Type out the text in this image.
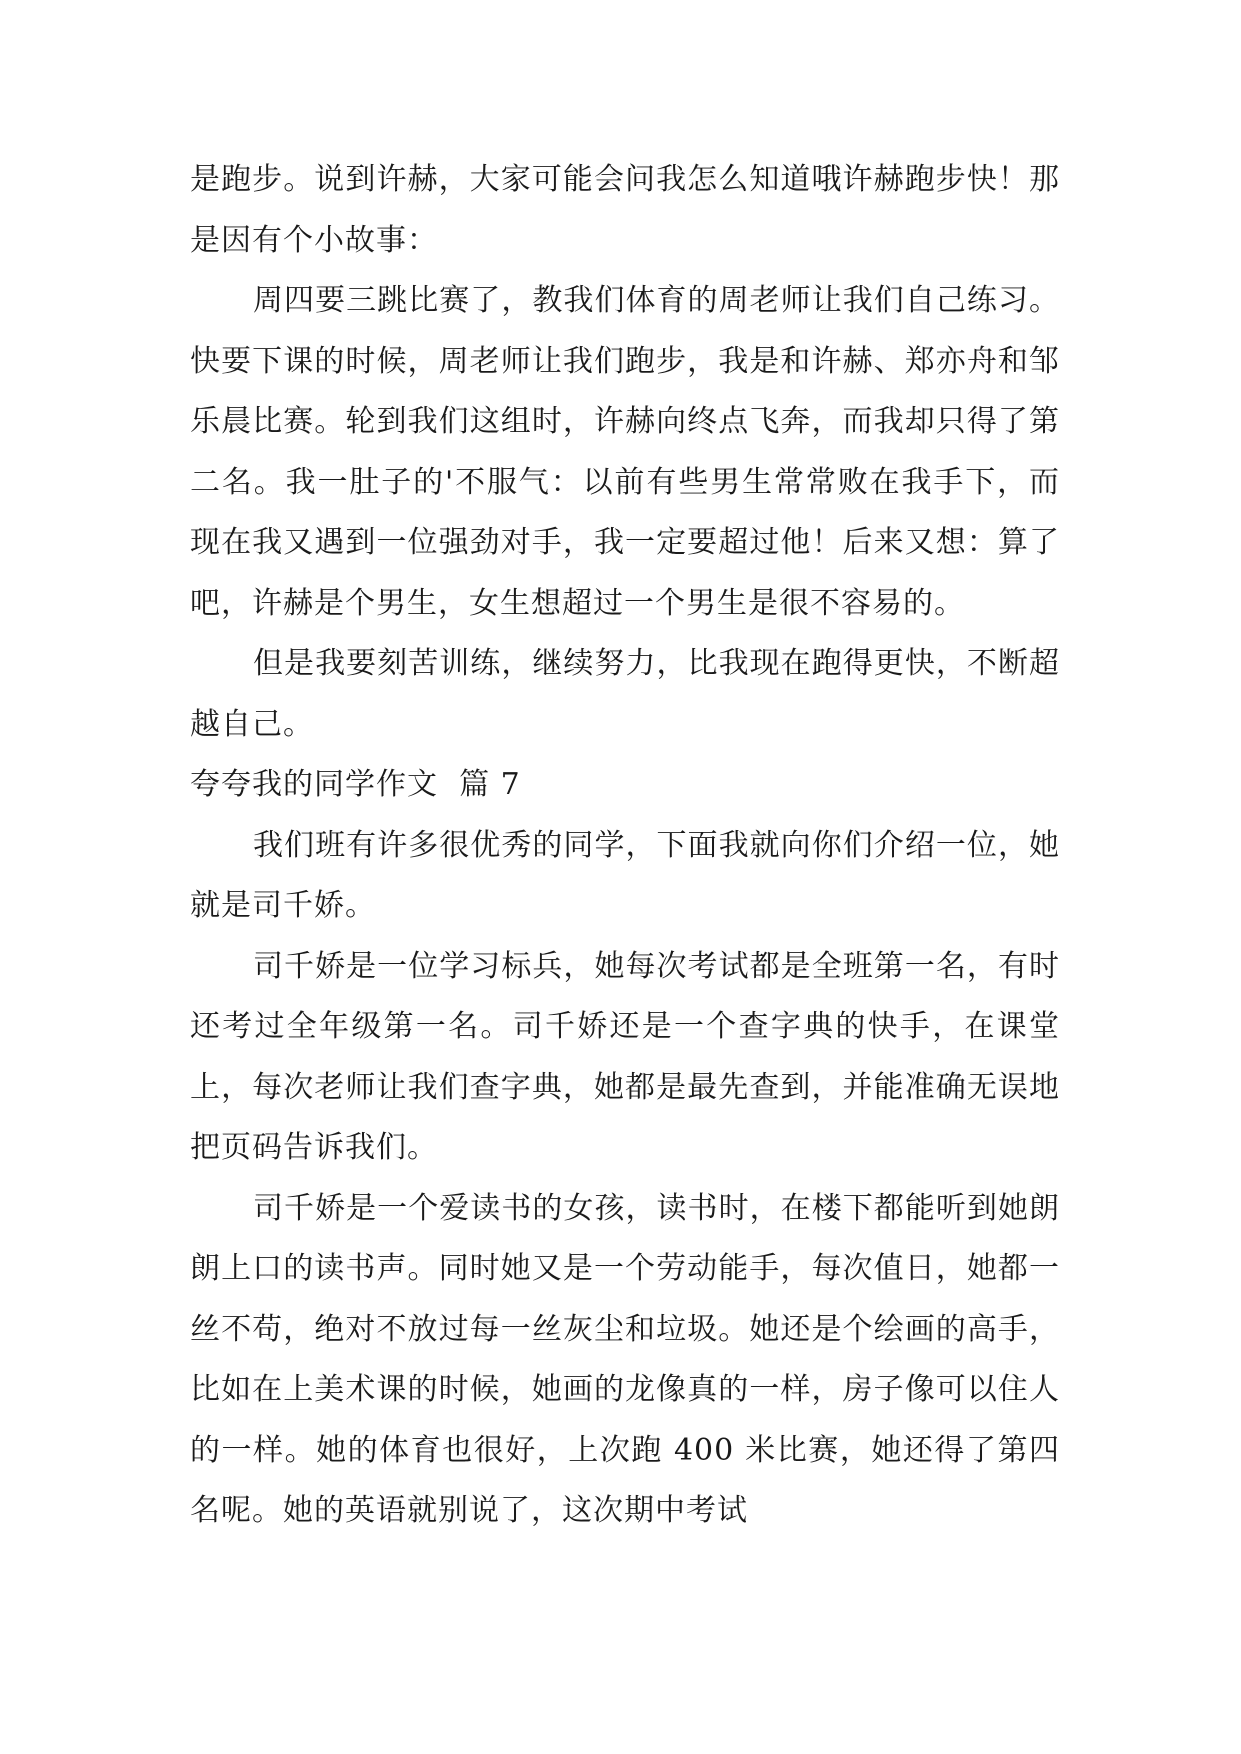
是跑步。说到许赫，大家可能会问我怎么知道哦许赫跑步快！那是因有个小故事：

周四要三跳比赛了，教我们体育的周老师让我们自己练习。快要下课的时候，周老师让我们跑步，我是和许赫、郑亦舟和邹乐晨比赛。轮到我们这组时，许赫向终点飞奔，而我却只得了第二名。我一肚子的'不服气：以前有些男生常常败在我手下，而现在我又遇到一位强劲对手，我一定要超过他！后来又想：算了吧，许赫是个男生，女生想超过一个男生是很不容易的。

但是我要刻苦训练，继续努力，比我现在跑得更快，不断超越自己。

夸夸我的同学作文  篇 7

我们班有许多很优秀的同学，下面我就向你们介绍一位，她就是司千娇。

司千娇是一位学习标兵，她每次考试都是全班第一名，有时还考过全年级第一名。司千娇还是一个查字典的快手，在课堂上，每次老师让我们查字典，她都是最先查到，并能准确无误地把页码告诉我们。

司千娇是一个爱读书的女孩，读书时，在楼下都能听到她朗朗上口的读书声。同时她又是一个劳动能手，每次值日，她都一丝不苟，绝对不放过每一丝灰尘和垃圾。她还是个绘画的高手，比如在上美术课的时候，她画的龙像真的一样，房子像可以住人的一样。她的体育也很好，上次跑 400 米比赛，她还得了第四名呢。她的英语就别说了，这次期中考试
